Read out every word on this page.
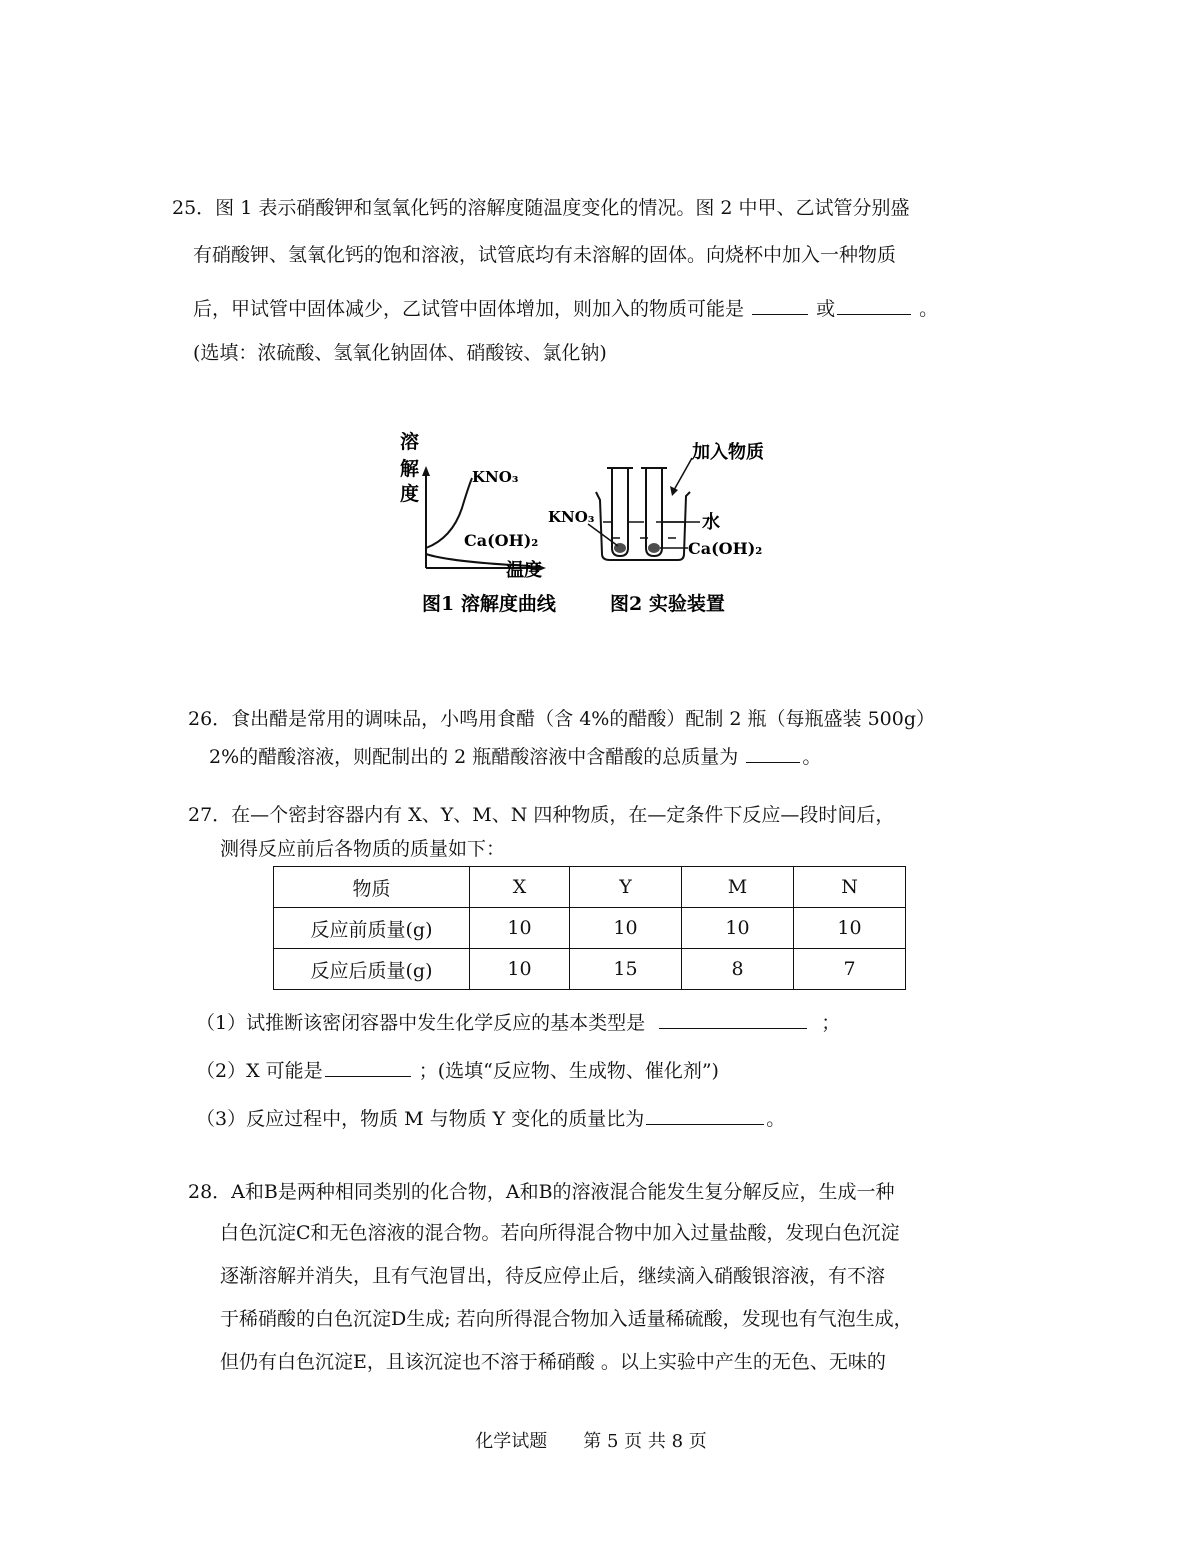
25．图 1 表示硝酸钾和氢氧化钙的溶解度随温度变化的情况。图 2 中甲、乙试管分别盛
有硝酸钾、氢氧化钙的饱和溶液，试管底均有未溶解的固体。向烧杯中加入一种物质
后，甲试管中固体减少，乙试管中固体增加，则加入的物质可能是	或	。
(选填：浓硫酸、氢氧化钠固体、硝酸铵、氯化钠)
溶
解
度
KNO₃
Ca(OH)₂
温度
加入物质
KNO₃	水
Ca(OH)₂
图1 溶解度曲线	图2 实验装置
26．食出醋是常用的调味品，小鸣用食醋（含 4%的醋酸）配制 2 瓶（每瓶盛装 500g）
2%的醋酸溶液，则配制出的 2 瓶醋酸溶液中含醋酸的总质量为	。
27．在—个密封容器内有 X、Y、M、N 四种物质，在—定条件下反应—段时间后，
测得反应前后各物质的质量如下：
物质	X	Y	M	N
反应前质量(g)	10	10	10	10
反应后质量(g)	10	15	8	7
（1）试推断该密闭容器中发生化学反应的基本类型是	；
（2）X 可能是	；(选填“反应物、生成物、催化剂”)
（3）反应过程中，物质 M 与物质 Y 变化的质量比为	。
28．A和B是两种相同类别的化合物，A和B的溶液混合能发生复分解反应，生成一种
白色沉淀C和无色溶液的混合物。若向所得混合物中加入过量盐酸，发现白色沉淀
逐渐溶解并消失，且有气泡冒出，待反应停止后，继续滴入硝酸银溶液，有不溶
于稀硝酸的白色沉淀D生成; 若向所得混合物加入适量稀硫酸，发现也有气泡生成，
但仍有白色沉淀E，且该沉淀也不溶于稀硝酸 。以上实验中产生的无色、无味的
化学试题　　第 5 页 共 8 页
